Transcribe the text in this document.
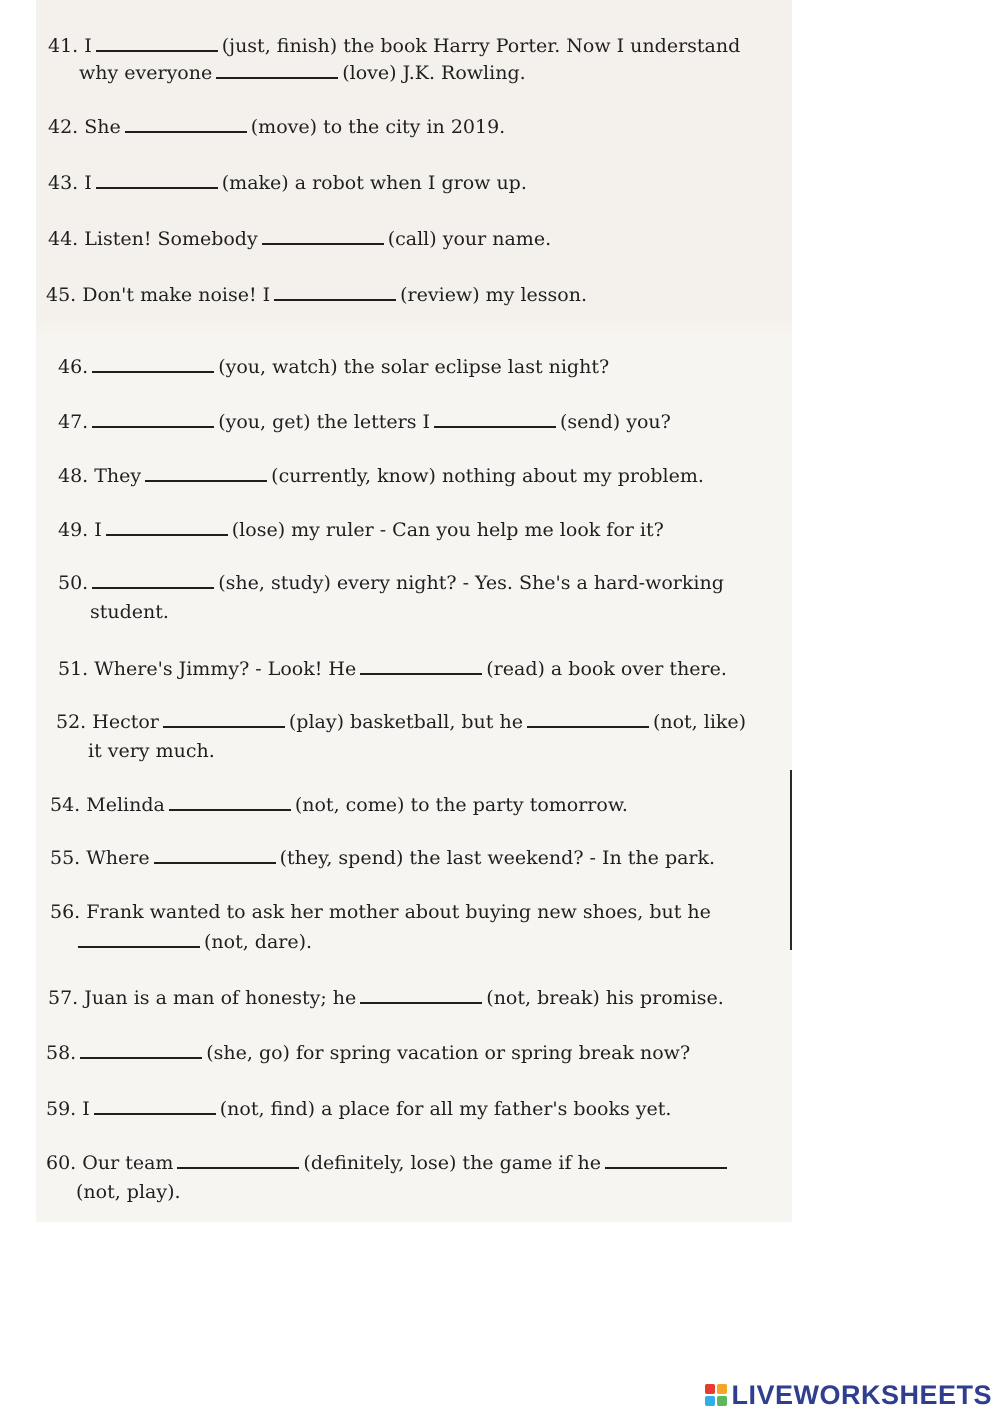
41. I	(just, finish) the book Harry Porter. Now I understand
why everyone	(love) J.K. Rowling.
42. She	(move) to the city in 2019.
43. I	(make) a robot when I grow up.
44. Listen! Somebody	(call) your name.
45. Don't make noise! I	(review) my lesson.
46.	(you, watch) the solar eclipse last night?
47.	(you, get) the letters I	(send) you?
48. They	(currently, know) nothing about my problem.
49. I	(lose) my ruler - Can you help me look for it?
50.	(she, study) every night? - Yes. She's a hard-working
student.
51. Where's Jimmy? - Look! He	(read) a book over there.
52. Hector	(play) basketball, but he	(not, like)
it very much.
54. Melinda	(not, come) to the party tomorrow.
55. Where	(they, spend) the last weekend? - In the park.
56. Frank wanted to ask her mother about buying new shoes, but he
(not, dare).
57. Juan is a man of honesty; he	(not, break) his promise.
58.	(she, go) for spring vacation or spring break now?
59. I	(not, find) a place for all my father's books yet.
60. Our team	(definitely, lose) the game if he
(not, play).
LIVEWORKSHEETS
